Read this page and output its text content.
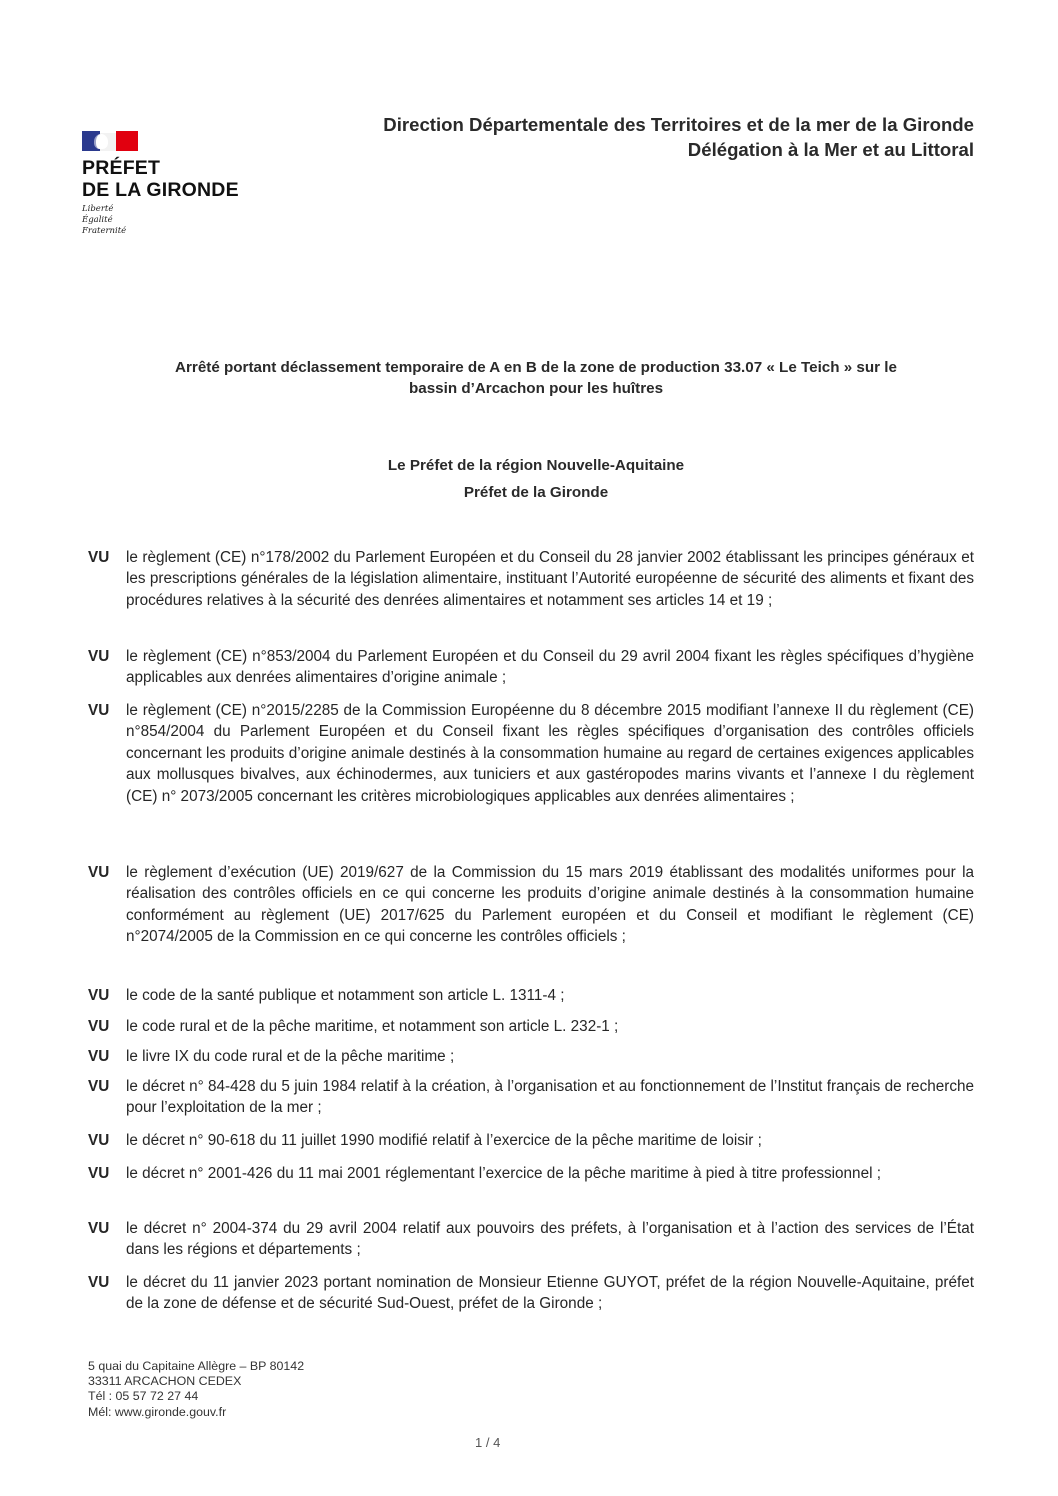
PRÉFET
DE LA GIRONDE
Liberté
Égalité
Fraternité
Direction Départementale des Territoires et de la mer de la Gironde
Délégation à la Mer et au Littoral
Arrêté portant déclassement temporaire de A en B de la zone de production 33.07 « Le Teich » sur le
bassin d’Arcachon pour les huîtres
Le Préfet de la région Nouvelle-Aquitaine
Préfet de la Gironde
VU le règlement (CE) n°178/2002 du Parlement Européen et du Conseil du 28 janvier 2002 établissant les principes généraux et les prescriptions générales de la législation alimentaire, instituant l’Autorité européenne de sécurité des aliments et fixant des procédures relatives à la sécurité des denrées alimentaires et notamment ses articles 14 et 19 ;
VU le règlement (CE) n°853/2004 du Parlement Européen et du Conseil du 29 avril 2004 fixant les règles spécifiques d’hygiène applicables aux denrées alimentaires d’origine animale ;
VU le règlement (CE) n°2015/2285 de la Commission Européenne du 8 décembre 2015 modifiant l’annexe II du règlement (CE) n°854/2004 du Parlement Européen et du Conseil fixant les règles spécifiques d’organisation des contrôles officiels concernant les produits d’origine animale destinés à la consommation humaine au regard de certaines exigences applicables aux mollusques bivalves, aux échinodermes, aux tuniciers et aux gastéropodes marins vivants et l’annexe I du règlement (CE) n° 2073/2005 concernant les critères microbiologiques applicables aux denrées alimentaires ;
VU le règlement d’exécution (UE) 2019/627 de la Commission du 15 mars 2019 établissant des modalités uniformes pour la réalisation des contrôles officiels en ce qui concerne les produits d’origine animale destinés à la consommation humaine conformément au règlement (UE) 2017/625 du Parlement européen et du Conseil et modifiant le règlement (CE) n°2074/2005 de la Commission en ce qui concerne les contrôles officiels ;
VU le code de la santé publique et notamment son article L. 1311-4 ;
VU le code rural et de la pêche maritime, et notamment son article L. 232-1 ;
VU le livre IX du code rural et de la pêche maritime ;
VU le décret n° 84-428 du 5 juin 1984 relatif à la création, à l’organisation et au fonctionnement de l’Institut français de recherche pour l’exploitation de la mer ;
VU le décret n° 90-618 du 11 juillet 1990 modifié relatif à l’exercice de la pêche maritime de loisir ;
VU le décret n° 2001-426 du 11 mai 2001 réglementant l’exercice de la pêche maritime à pied à titre professionnel ;
VU le décret n° 2004-374 du 29 avril 2004 relatif aux pouvoirs des préfets, à l’organisation et à l’action des services de l’État dans les régions et départements ;
VU le décret du 11 janvier 2023 portant nomination de Monsieur Etienne GUYOT, préfet de la région Nouvelle-Aquitaine, préfet de la zone de défense et de sécurité Sud-Ouest, préfet de la Gironde ;
5 quai du Capitaine Allègre – BP 80142
33311 ARCACHON CEDEX
Tél : 05 57 72 27 44
Mél: www.gironde.gouv.fr
1 / 4
